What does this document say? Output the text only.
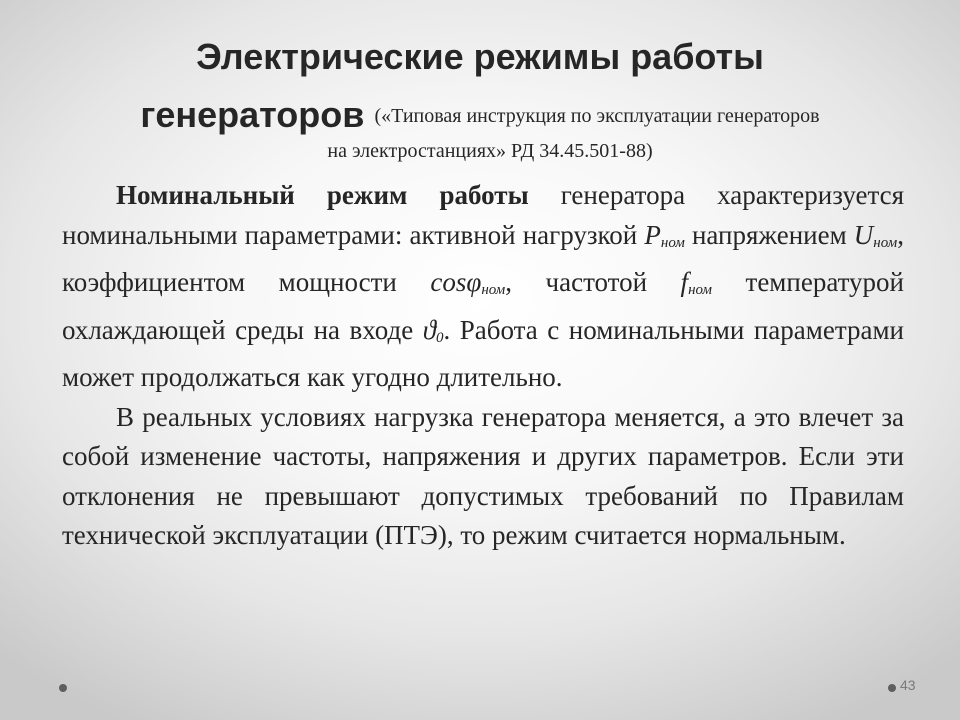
Электрические режимы работы
генераторов («Типовая инструкция по эксплуатации генераторов
на электростанциях» РД 34.45.501-88)

Номинальный режим работы генератора характеризуется номинальными параметрами: активной нагрузкой $P_{ном}$ напряжением $U_{ном}$, коэффициентом мощности cosφ$_{ном}$, частотой $f_{ном}$ температурой охлаждающей среды на входе $ϑ_0$. Работа с номинальными параметрами может продолжаться как угодно длительно.

В реальных условиях нагрузка генератора меняется, а это влечет за собой изменение частоты, напряжения и других параметров. Если эти отклонения не превышают допустимых требований по Правилам технической эксплуатации (ПТЭ), то режим считается нормальным.

43
